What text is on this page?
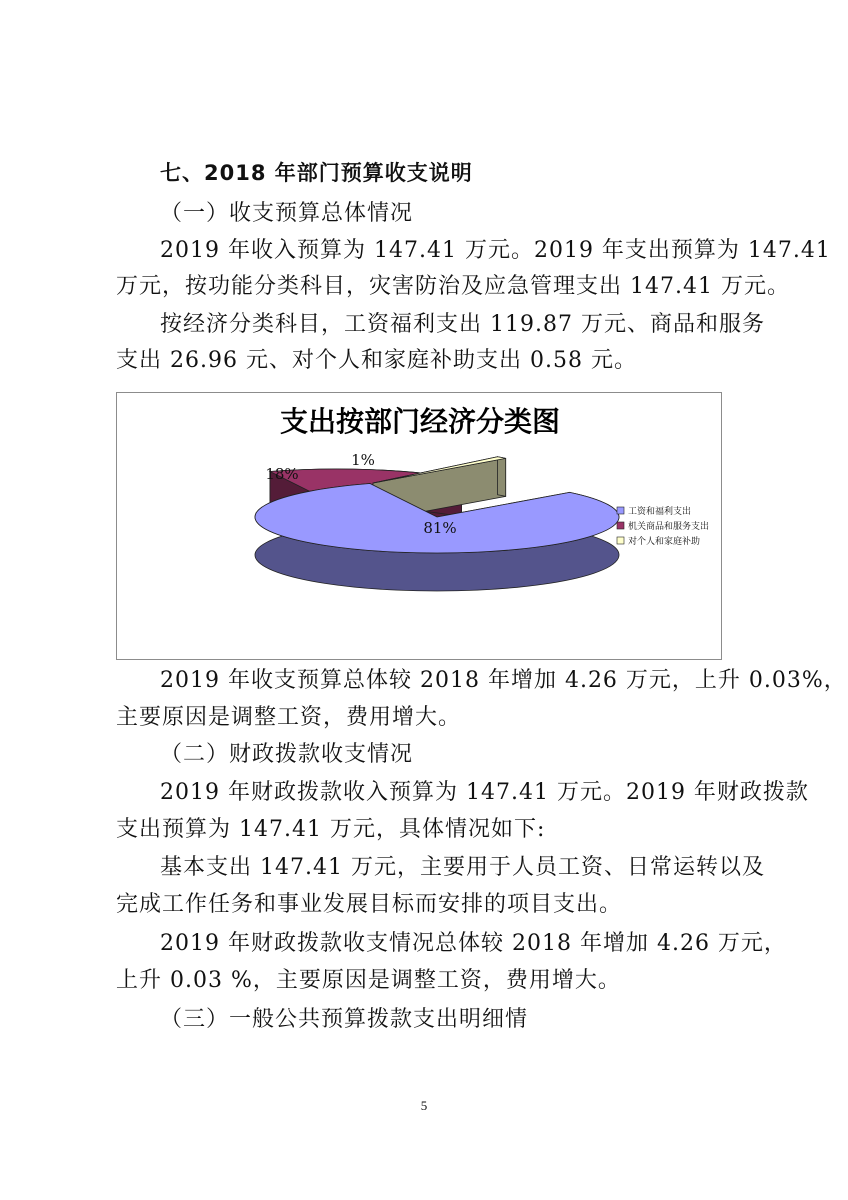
七、2018 年部门预算收支说明
（一）收支预算总体情况
2019 年收入预算为 147.41 万元。2019 年支出预算为 147.41
万元，按功能分类科目，灾害防治及应急管理支出 147.41 万元。
按经济分类科目，工资福利支出 119.87 万元、商品和服务
支出 26.96 元、对个人和家庭补助支出 0.58 元。
支出按部门经济分类图
81%
18%
1%
工资和福利支出
机关商品和服务支出
对个人和家庭补助
2019 年收支预算总体较 2018 年增加 4.26 万元，上升 0.03%，
主要原因是调整工资，费用增大。
（二）财政拨款收支情况
2019 年财政拨款收入预算为 147.41 万元。2019 年财政拨款
支出预算为 147.41 万元，具体情况如下:
基本支出 147.41 万元，主要用于人员工资、日常运转以及
完成工作任务和事业发展目标而安排的项目支出。
2019 年财政拨款收支情况总体较 2018 年增加 4.26 万元，
上升 0.03 %，主要原因是调整工资，费用增大。
（三）一般公共预算拨款支出明细情
5
